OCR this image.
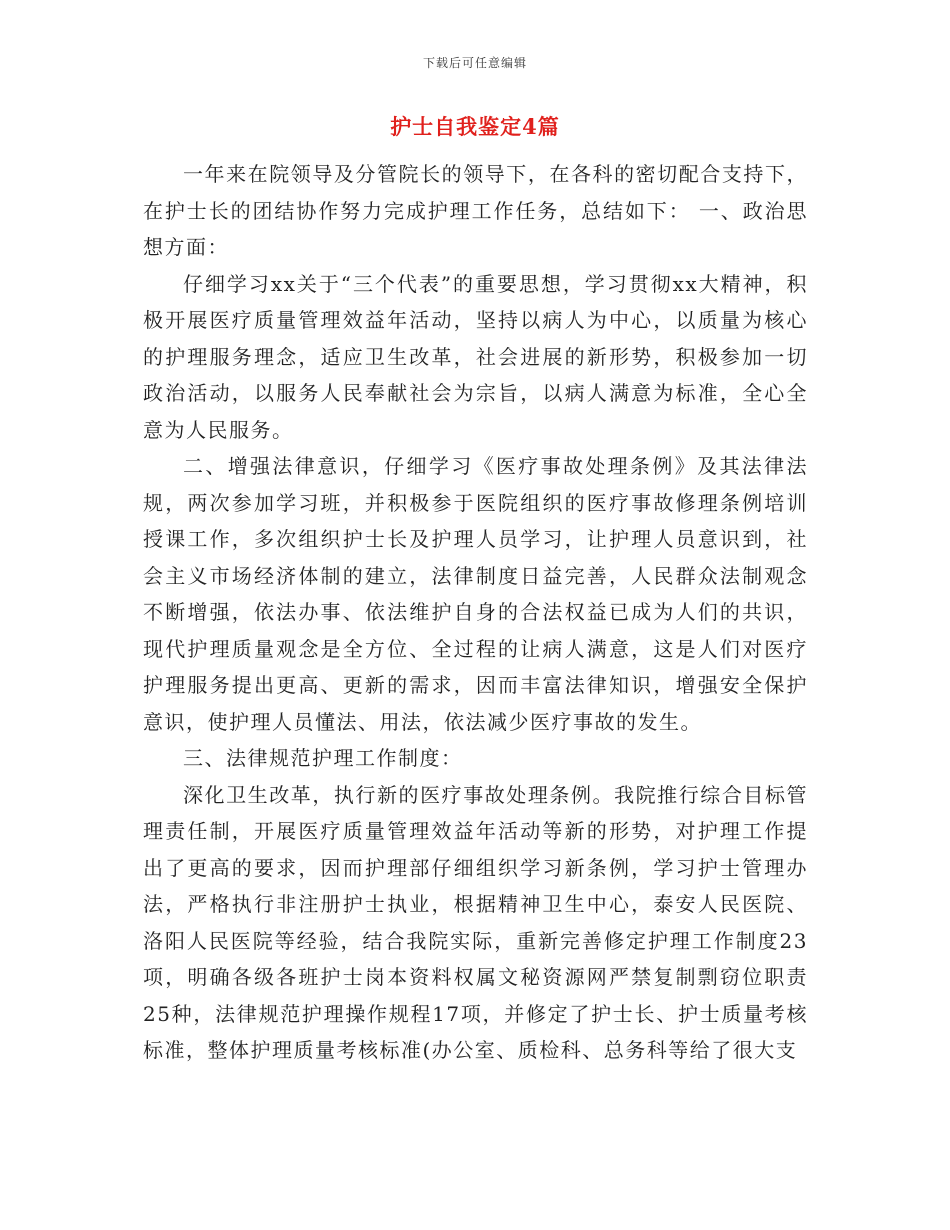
下载后可任意编辑
护士自我鉴定4篇

一年来在院领导及分管院长的领导下，在各科的密切配合支持下，在护士长的团结协作努力完成护理工作任务，总结如下： 一、政治思想方面：

仔细学习xx关于“三个代表”的重要思想，学习贯彻xx大精神，积极开展医疗质量管理效益年活动，坚持以病人为中心，以质量为核心的护理服务理念，适应卫生改革，社会进展的新形势，积极参加一切政治活动，以服务人民奉献社会为宗旨，以病人满意为标准，全心全意为人民服务。

二、增强法律意识，仔细学习《医疗事故处理条例》及其法律法规，两次参加学习班，并积极参于医院组织的医疗事故修理条例培训授课工作，多次组织护士长及护理人员学习，让护理人员意识到，社会主义市场经济体制的建立，法律制度日益完善，人民群众法制观念不断增强，依法办事、依法维护自身的合法权益已成为人们的共识，现代护理质量观念是全方位、全过程的让病人满意，这是人们对医疗护理服务提出更高、更新的需求，因而丰富法律知识，增强安全保护意识，使护理人员懂法、用法，依法减少医疗事故的发生。

三、法律规范护理工作制度：

深化卫生改革，执行新的医疗事故处理条例。我院推行综合目标管理责任制，开展医疗质量管理效益年活动等新的形势，对护理工作提出了更高的要求，因而护理部仔细组织学习新条例，学习护士管理办法，严格执行非注册护士执业，根据精神卫生中心，泰安人民医院、洛阳人民医院等经验，结合我院实际，重新完善修定护理工作制度23项，明确各级各班护士岗本资料权属文秘资源网严禁复制剽窃位职责25种，法律规范护理操作规程17项，并修定了护士长、护士质量考核标准，整体护理质量考核标准(办公室、质检科、总务科等给了很大支
